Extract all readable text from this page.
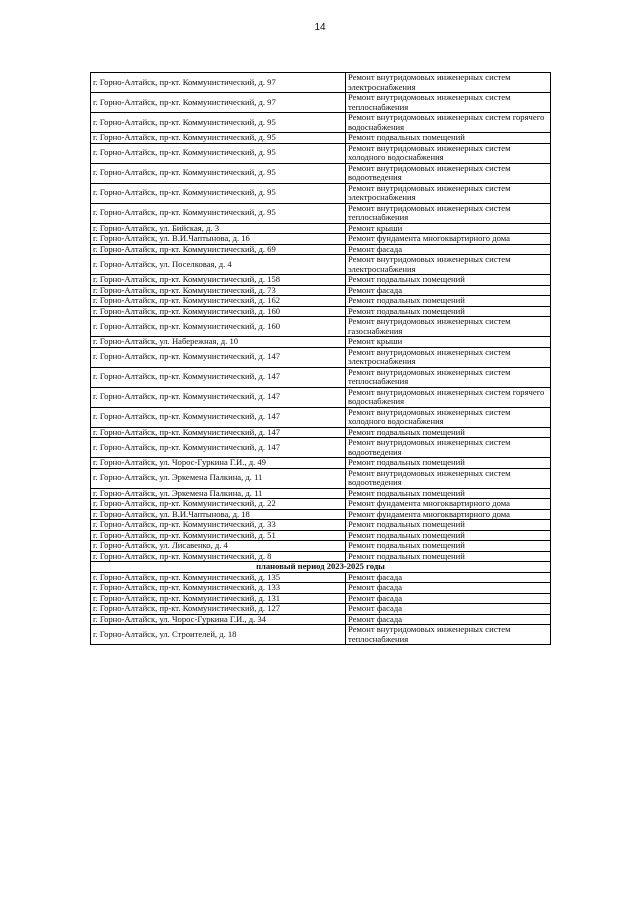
14
г. Горно-Алтайск, пр-кт. Коммунистический, д. 97	Ремонт внутридомовых инженерных систем электроснабжения
г. Горно-Алтайск, пр-кт. Коммунистический, д. 97	Ремонт внутридомовых инженерных систем теплоснабжения
г. Горно-Алтайск, пр-кт. Коммунистический, д. 95	Ремонт внутридомовых инженерных систем горячего водоснабжения
г. Горно-Алтайск, пр-кт. Коммунистический, д. 95	Ремонт подвальных помещений
г. Горно-Алтайск, пр-кт. Коммунистический, д. 95	Ремонт внутридомовых инженерных систем холодного водоснабжения
г. Горно-Алтайск, пр-кт. Коммунистический, д. 95	Ремонт внутридомовых инженерных систем водоотведения
г. Горно-Алтайск, пр-кт. Коммунистический, д. 95	Ремонт внутридомовых инженерных систем электроснабжения
г. Горно-Алтайск, пр-кт. Коммунистический, д. 95	Ремонт внутридомовых инженерных систем теплоснабжения
г. Горно-Алтайск, ул. Бийская, д. 3	Ремонт крыши
г. Горно-Алтайск, ул. В.И.Чаптынова, д. 16	Ремонт фундамента многоквартирного дома
г. Горно-Алтайск, пр-кт. Коммунистический, д. 69	Ремонт фасада
г. Горно-Алтайск, ул. Поселковая, д. 4	Ремонт внутридомовых инженерных систем электроснабжения
г. Горно-Алтайск, пр-кт. Коммунистический, д. 158	Ремонт подвальных помещений
г. Горно-Алтайск, пр-кт. Коммунистический, д. 73	Ремонт фасада
г. Горно-Алтайск, пр-кт. Коммунистический, д. 162	Ремонт подвальных помещений
г. Горно-Алтайск, пр-кт. Коммунистический, д. 160	Ремонт подвальных помещений
г. Горно-Алтайск, пр-кт. Коммунистический, д. 160	Ремонт внутридомовых инженерных систем газоснабжения
г. Горно-Алтайск, ул. Набережная, д. 10	Ремонт крыши
г. Горно-Алтайск, пр-кт. Коммунистический, д. 147	Ремонт внутридомовых инженерных систем электроснабжения
г. Горно-Алтайск, пр-кт. Коммунистический, д. 147	Ремонт внутридомовых инженерных систем теплоснабжения
г. Горно-Алтайск, пр-кт. Коммунистический, д. 147	Ремонт внутридомовых инженерных систем горячего водоснабжения
г. Горно-Алтайск, пр-кт. Коммунистический, д. 147	Ремонт внутридомовых инженерных систем холодного водоснабжения
г. Горно-Алтайск, пр-кт. Коммунистический, д. 147	Ремонт подвальных помещений
г. Горно-Алтайск, пр-кт. Коммунистический, д. 147	Ремонт внутридомовых инженерных систем водоотведения
г. Горно-Алтайск, ул. Чорос-Гуркина Г.И., д. 49	Ремонт подвальных помещений
г. Горно-Алтайск, ул. Эркемена Палкина, д. 11	Ремонт внутридомовых инженерных систем водоотведения
г. Горно-Алтайск, ул. Эркемена Палкина, д. 11	Ремонт подвальных помещений
г. Горно-Алтайск, пр-кт. Коммунистический, д. 22	Ремонт фундамента многоквартирного дома
г. Горно-Алтайск, ул. В.И.Чаптынова, д. 18	Ремонт фундамента многоквартирного дома
г. Горно-Алтайск, пр-кт. Коммунистический, д. 33	Ремонт подвальных помещений
г. Горно-Алтайск, пр-кт. Коммунистический, д. 51	Ремонт подвальных помещений
г. Горно-Алтайск, ул. Лисавенко, д. 4	Ремонт подвальных помещений
г. Горно-Алтайск, пр-кт. Коммунистический, д. 8	Ремонт подвальных помещений
плановый период 2023-2025 годы	
г. Горно-Алтайск, пр-кт. Коммунистический, д. 135	Ремонт фасада
г. Горно-Алтайск, пр-кт. Коммунистический, д. 133	Ремонт фасада
г. Горно-Алтайск, пр-кт. Коммунистический, д. 131	Ремонт фасада
г. Горно-Алтайск, пр-кт. Коммунистический, д. 127	Ремонт фасада
г. Горно-Алтайск, ул. Чорос-Гуркина Г.И., д. 34	Ремонт фасада
г. Горно-Алтайск, ул. Строителей, д. 18	Ремонт внутридомовых инженерных систем теплоснабжения
